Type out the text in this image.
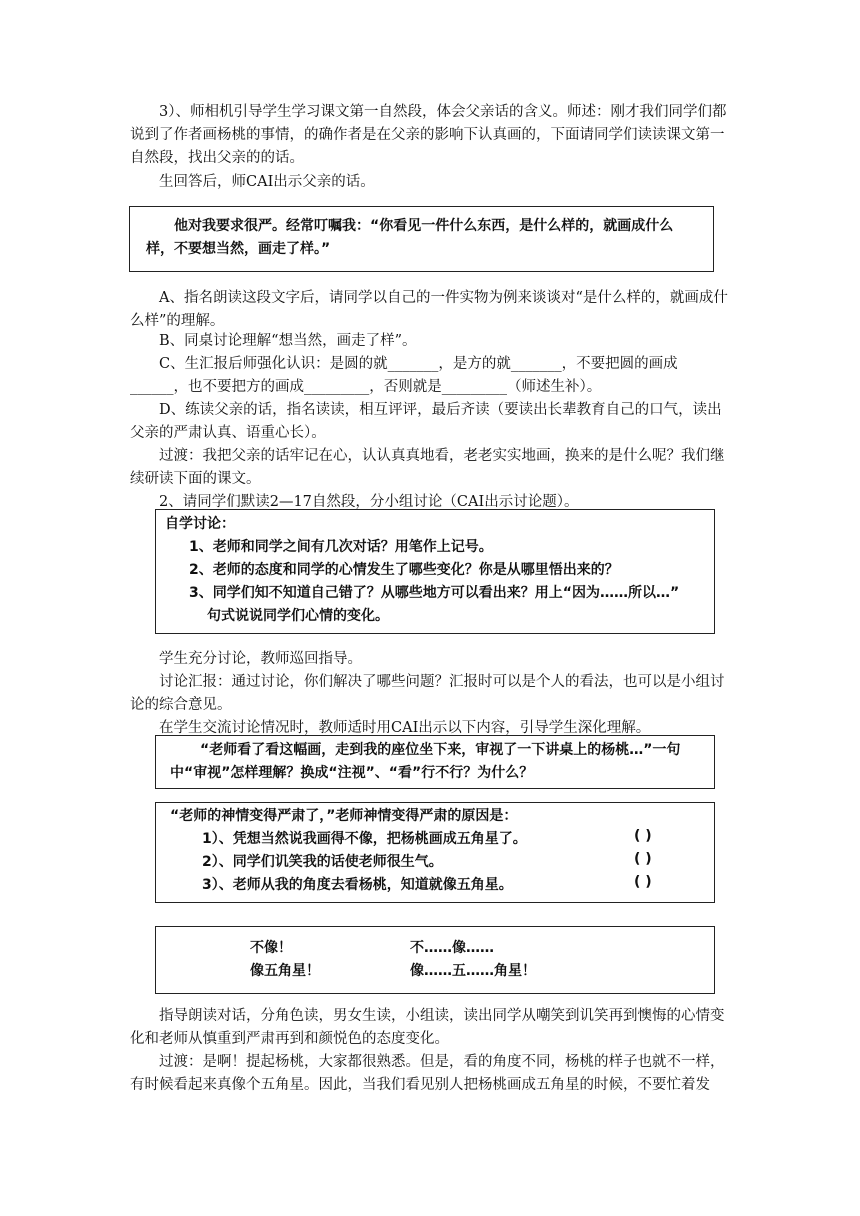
3）、师相机引导学生学习课文第一自然段，体会父亲话的含义。师述：刚才我们同学们都说到了作者画杨桃的事情，的确作者是在父亲的影响下认真画的，下面请同学们读读课文第一自然段，找出父亲的的话。

生回答后，师CAI出示父亲的话。

他对我要求很严。经常叮嘱我：“你看见一件什么东西，是什么样的，就画成什么样，不要想当然，画走了样。”

A、指名朗读这段文字后，请同学以自己的一件实物为例来谈谈对“是什么样的，就画成什么样”的理解。

B、同桌讨论理解“想当然，画走了样”。

C、生汇报后师强化认识：是圆的就_______，是方的就_______，不要把圆的画成______，也不要把方的画成_________，否则就是_________（师述生补）。

D、练读父亲的话，指名读读，相互评评，最后齐读（要读出长辈教育自己的口气，读出父亲的严肃认真、语重心长）。

过渡：我把父亲的话牢记在心，认认真真地看，老老实实地画，换来的是什么呢？我们继续研读下面的课文。

2、请同学们默读2—17自然段，分小组讨论（CAI出示讨论题）。

自学讨论：

1、老师和同学之间有几次对话？用笔作上记号。

2、老师的态度和同学的心情发生了哪些变化？你是从哪里悟出来的？

3、同学们知不知道自己错了？从哪些地方可以看出来？用上“因为……所以…”

句式说说同学们心情的变化。

学生充分讨论，教师巡回指导。

讨论汇报：通过讨论，你们解决了哪些问题？汇报时可以是个人的看法，也可以是小组讨论的综合意见。

在学生交流讨论情况时，教师适时用CAI出示以下内容，引导学生深化理解。

“老师看了看这幅画，走到我的座位坐下来，审视了一下讲桌上的杨桃…”一句中“审视”怎样理解？换成“注视”、“看”行不行？为什么？

“老师的神情变得严肃了，”老师神情变得严肃的原因是：

1）、凭想当然说我画得不像，把杨桃画成五角星了。	( )

2）、同学们讥笑我的话使老师很生气。	( )

3）、老师从我的角度去看杨桃，知道就像五角星。	( )

不像！	不……像……

像五角星！	像……五……角星！

指导朗读对话，分角色读，男女生读，小组读，读出同学从嘲笑到讥笑再到懊悔的心情变化和老师从慎重到严肃再到和颜悦色的态度变化。

过渡：是啊！提起杨桃，大家都很熟悉。但是，看的角度不同，杨桃的样子也就不一样，有时候看起来真像个五角星。因此，当我们看见别人把杨桃画成五角星的时候，不要忙着发
